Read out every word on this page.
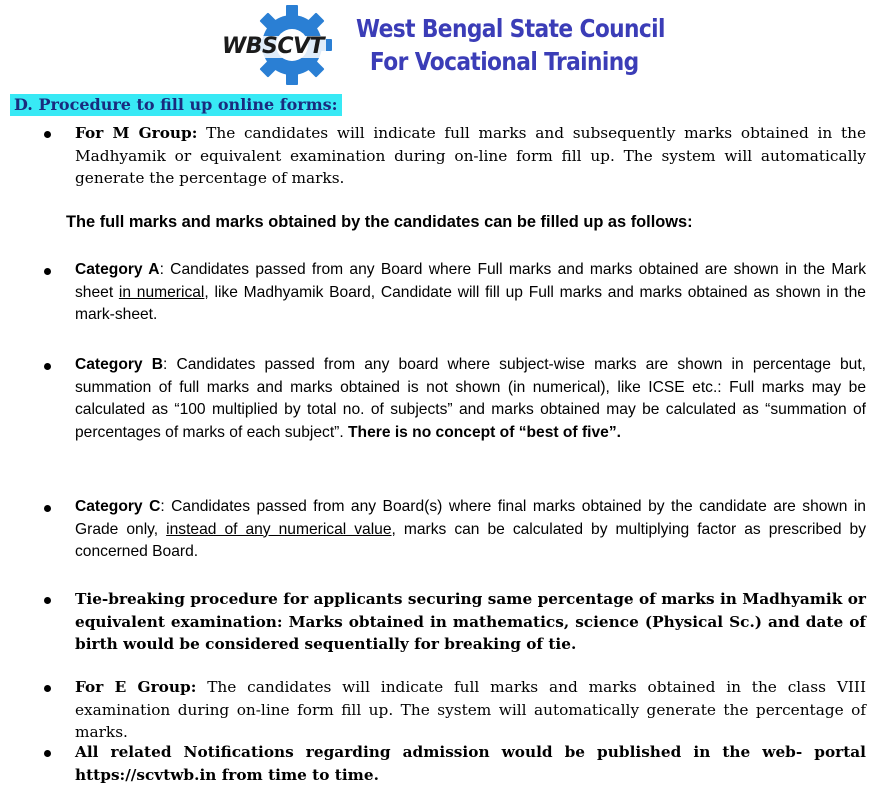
WBSCVT
West Bengal State Council
For Vocational Training
D. Procedure to fill up online forms:
For M Group: The candidates will indicate full marks and subsequently marks obtained in the Madhyamik or equivalent examination during on-line form fill up. The system will automatically generate the percentage of marks.
The full marks and marks obtained by the candidates can be filled up as follows:
Category A: Candidates passed from any Board where Full marks and marks obtained are shown in the Mark sheet in numerical, like Madhyamik Board, Candidate will fill up Full marks and marks obtained as shown in the mark-sheet.
Category B: Candidates passed from any board where subject-wise marks are shown in percentage but, summation of full marks and marks obtained is not shown (in numerical), like ICSE etc.: Full marks may be calculated as “100 multiplied by total no. of subjects” and marks obtained may be calculated as “summation of percentages of marks of each subject”. There is no concept of “best of five”.
Category C: Candidates passed from any Board(s) where final marks obtained by the candidate are shown in Grade only, instead of any numerical value, marks can be calculated by multiplying factor as prescribed by concerned Board.
Tie-breaking procedure for applicants securing same percentage of marks in Madhyamik or equivalent examination: Marks obtained in mathematics, science (Physical Sc.) and date of birth would be considered sequentially for breaking of tie.
For E Group: The candidates will indicate full marks and marks obtained in the class VIII examination during on-line form fill up. The system will automatically generate the percentage of marks.
All related Notifications regarding admission would be published in the web- portal https://scvtwb.in from time to time.
